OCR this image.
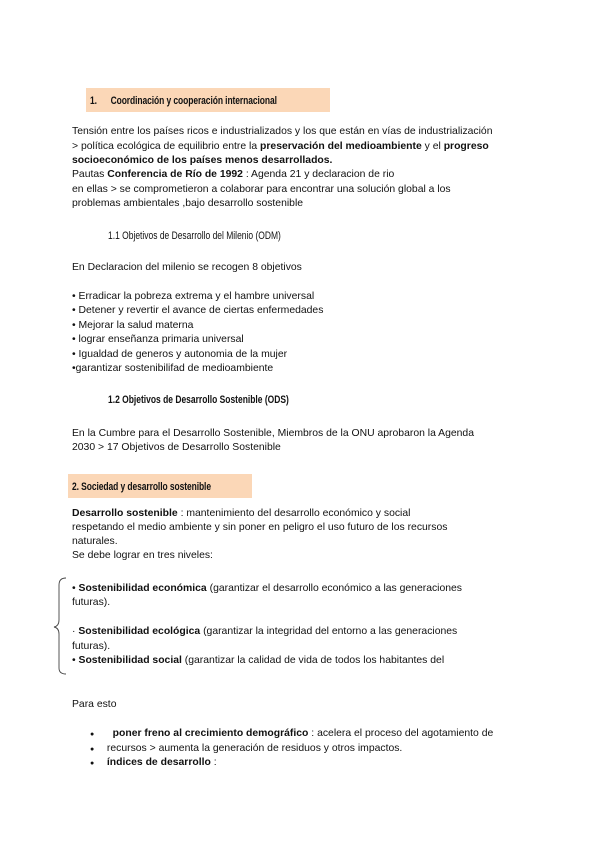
1. Coordinación y cooperación internacional
Tensión entre los países ricos e industrializados y los que están en vías de industrialización
> política ecológica de equilibrio entre la preservación del medioambiente y el progreso
socioeconómico de los países menos desarrollados.
Pautas Conferencia de Río de 1992 : Agenda 21 y declaracion de rio
en ellas > se comprometieron a colaborar para encontrar una solución global a los
problemas ambientales ,bajo desarrollo sostenible
1.1 Objetivos de Desarrollo del Milenio (ODM)
En Declaracion del milenio se recogen 8 objetivos
• Erradicar la pobreza extrema y el hambre universal
• Detener y revertir el avance de ciertas enfermedades
• Mejorar la salud materna
• lograr enseñanza primaria universal
• Igualdad de generos y autonomia de la mujer
•garantizar sostenibilifad de medioambiente
1.2 Objetivos de Desarrollo Sostenible (ODS)
En la Cumbre para el Desarrollo Sostenible, Miembros de la ONU aprobaron la Agenda
2030 > 17 Objetivos de Desarrollo Sostenible
2. Sociedad y desarrollo sostenible
Desarrollo sostenible : mantenimiento del desarrollo económico y social
respetando el medio ambiente y sin poner en peligro el uso futuro de los recursos
naturales.
Se debe lograr en tres niveles:
• Sostenibilidad económica (garantizar el desarrollo económico a las generaciones
futuras).
· Sostenibilidad ecológica (garantizar la integridad del entorno a las generaciones
futuras).
• Sostenibilidad social (garantizar la calidad de vida de todos los habitantes del
Para esto
● poner freno al crecimiento demográfico : acelera el proceso del agotamiento de
● recursos > aumenta la generación de residuos y otros impactos.
● índices de desarrollo :
